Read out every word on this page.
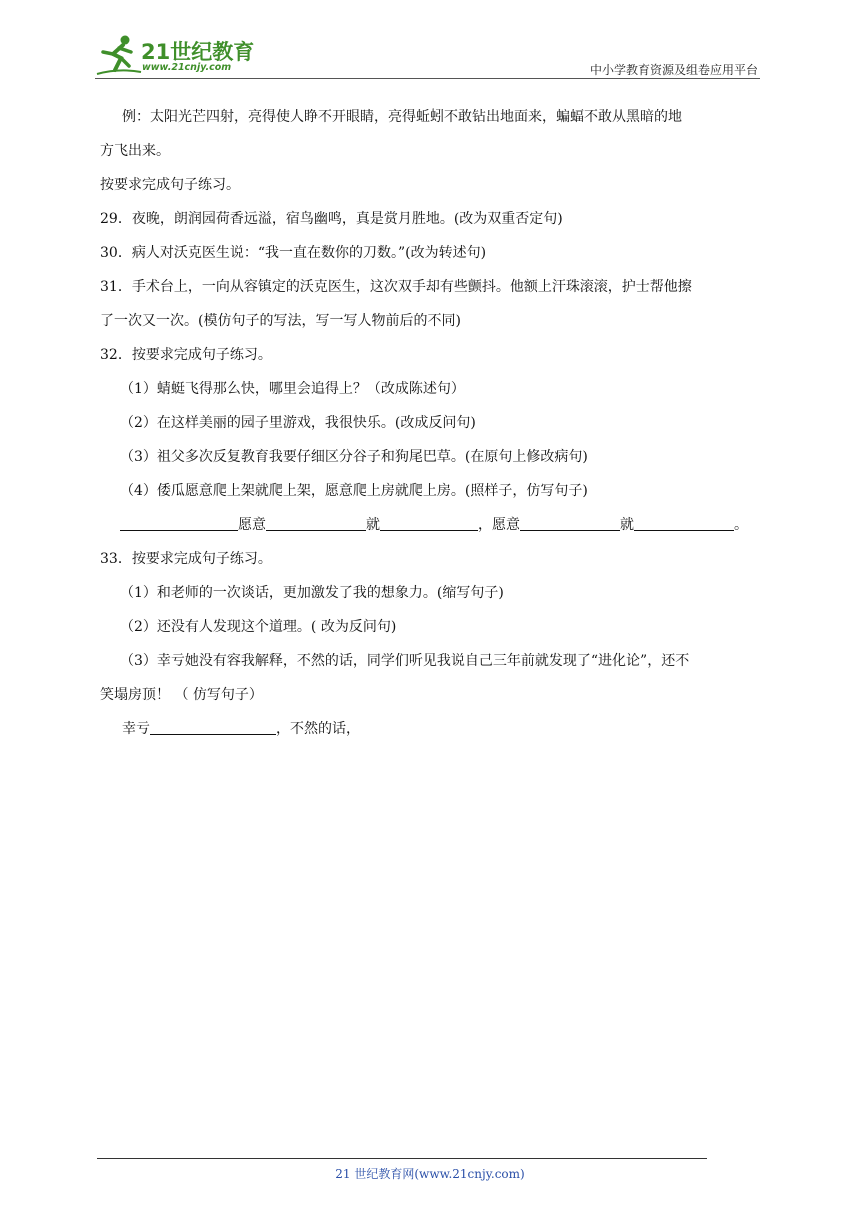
21世纪教育
www.21cnjy.com	中小学教育资源及组卷应用平台
例：太阳光芒四射，亮得使人睁不开眼睛，亮得蚯蚓不敢钻出地面来，蝙蝠不敢从黑暗的地
方飞出来。
按要求完成句子练习。
29．夜晚，朗润园荷香远溢，宿鸟幽鸣，真是赏月胜地。(改为双重否定句)
30．病人对沃克医生说：“我一直在数你的刀数。”(改为转述句)
31．手术台上，一向从容镇定的沃克医生，这次双手却有些颤抖。他额上汗珠滚滚，护士帮他擦
了一次又一次。(模仿句子的写法，写一写人物前后的不同)
32．按要求完成句子练习。
（1）蜻蜓飞得那么快，哪里会追得上？（改成陈述句）
（2）在这样美丽的园子里游戏，我很快乐。(改成反问句)
（3）祖父多次反复教育我要仔细区分谷子和狗尾巴草。(在原句上修改病句)
（4）倭瓜愿意爬上架就爬上架，愿意爬上房就爬上房。(照样子，仿写句子)
愿意	就	，愿意	就	。
33．按要求完成句子练习。
（1）和老师的一次谈话，更加激发了我的想象力。(缩写句子)
（2）还没有人发现这个道理。( 改为反问句)
（3）幸亏她没有容我解释，不然的话，同学们听见我说自己三年前就发现了“进化论”，还不
笑塌房顶！ （ 仿写句子）
幸亏	，不然的话，
21 世纪教育网(www.21cnjy.com)
